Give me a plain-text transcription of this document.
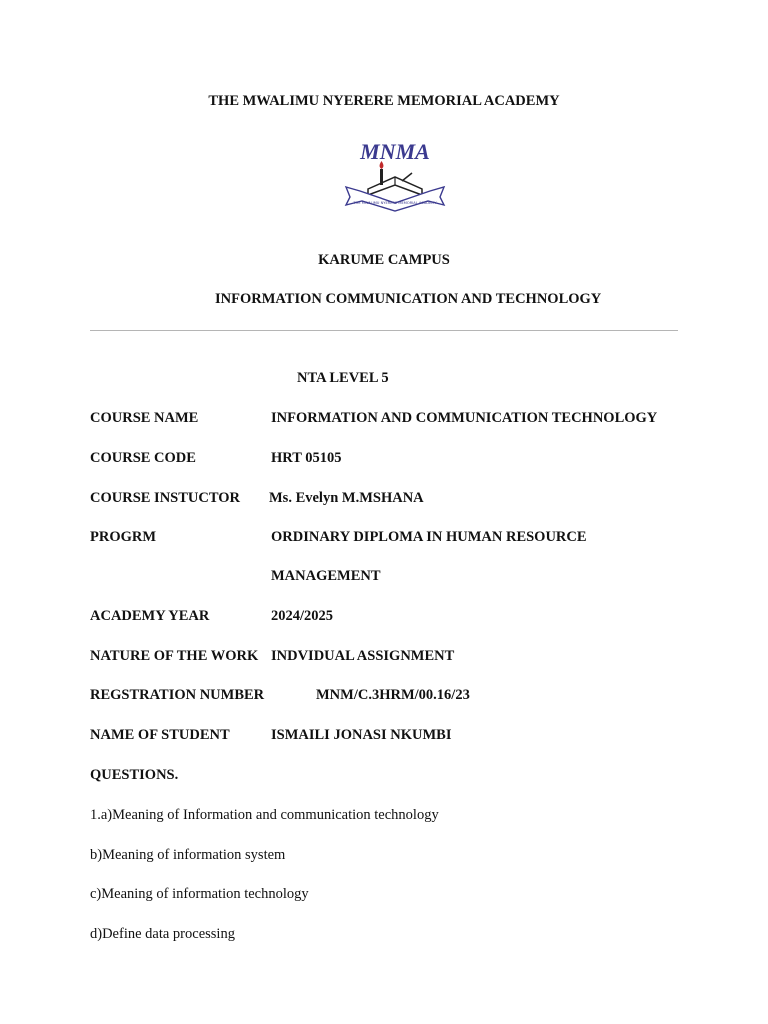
THE MWALIMU NYERERE MEMORIAL ACADEMY
THE MWALIMU NYERERE MEMORIAL ACADEMY
MNMA
KARUME CAMPUS
INFORMATION COMMUNICATION AND TECHNOLOGY
NTA LEVEL 5
COURSE NAME	INFORMATION AND COMMUNICATION TECHNOLOGY
COURSE CODE	HRT 05105
COURSE INSTUCTOR Ms. Evelyn M.MSHANA
PROGRM	ORDINARY DIPLOMA IN HUMAN RESOURCE
MANAGEMENT
ACADEMY YEAR	2024/2025
NATURE OF THE WORK INDVIDUAL ASSIGNMENT
REGSTRATION NUMBER	MNM/C.3HRM/00.16/23
NAME OF STUDENT	ISMAILI JONASI NKUMBI
QUESTIONS.
1.a)Meaning of Information and communication technology
b)Meaning of information system
c)Meaning of information technology
d)Define data processing
